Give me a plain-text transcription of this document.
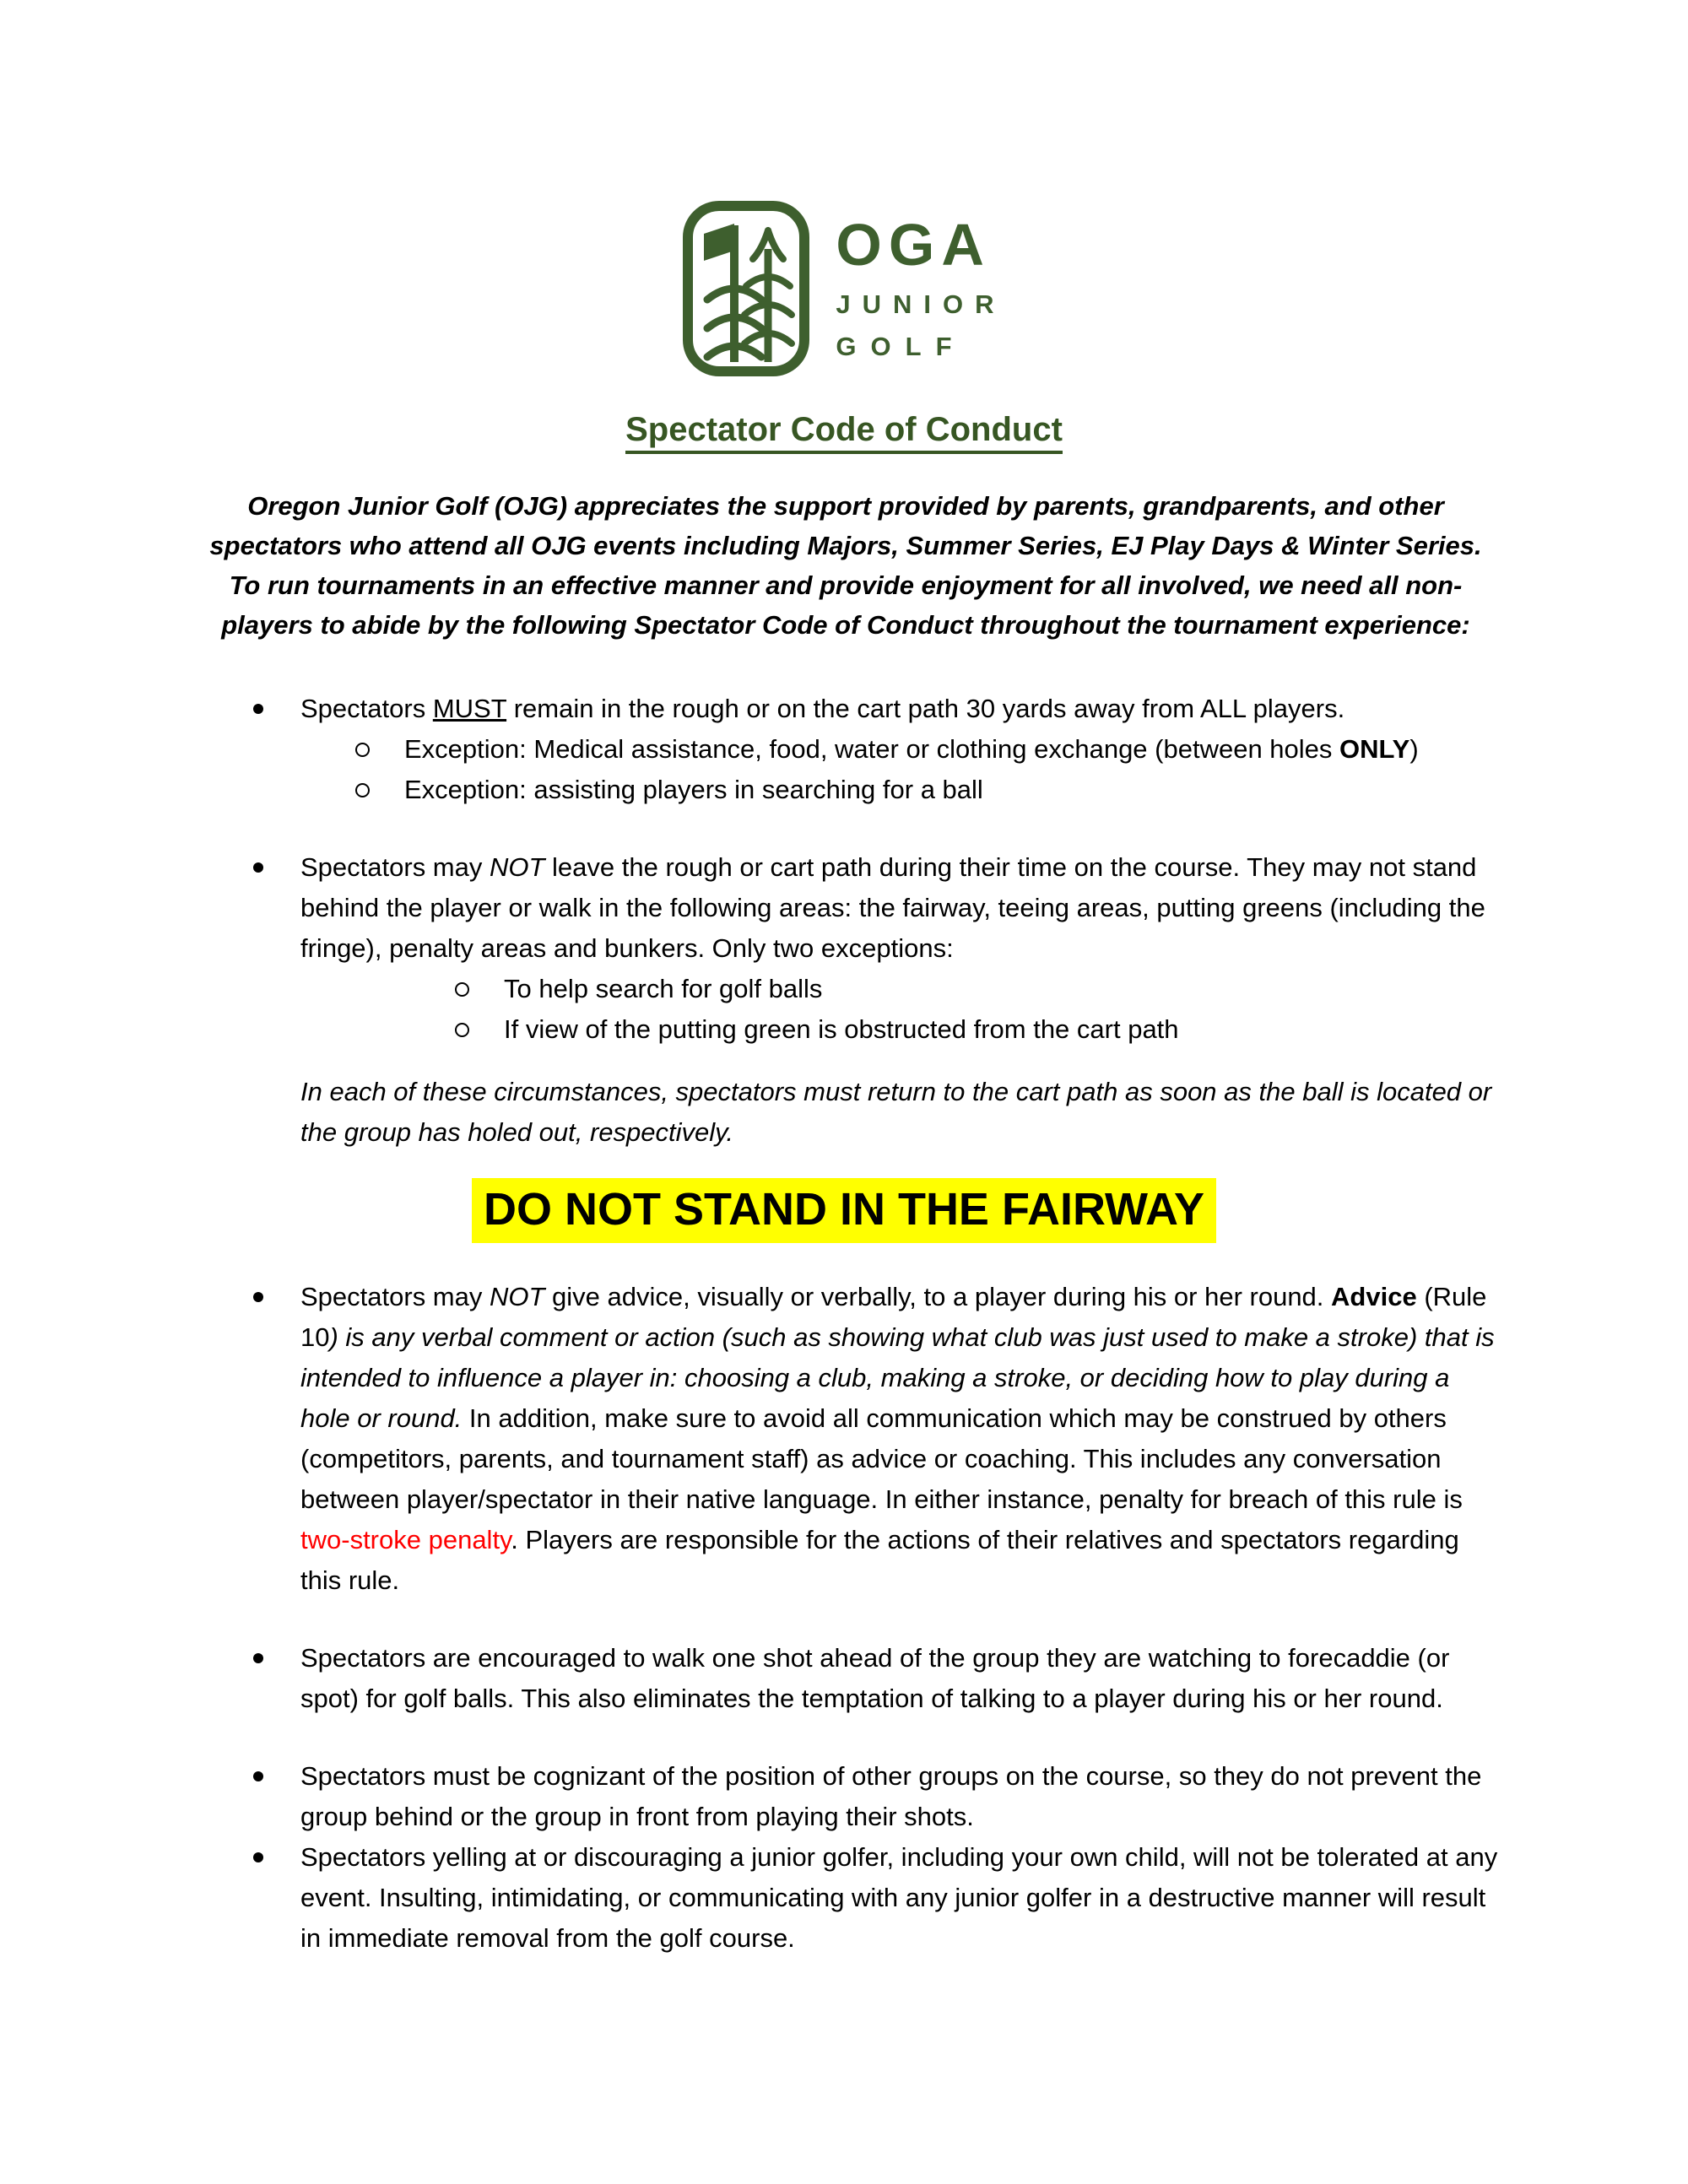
OGA
JUNIOR
GOLF
Spectator Code of Conduct

Oregon Junior Golf (OJG) appreciates the support provided by parents, grandparents, and other spectators who attend all OJG events including Majors, Summer Series, EJ Play Days & Winter Series. To run tournaments in an effective manner and provide enjoyment for all involved, we need all non-players to abide by the following Spectator Code of Conduct throughout the tournament experience:

Spectators MUST remain in the rough or on the cart path 30 yards away from ALL players.
Exception: Medical assistance, food, water or clothing exchange (between holes ONLY)
Exception: assisting players in searching for a ball
Spectators may NOT leave the rough or cart path during their time on the course. They may not stand behind the player or walk in the following areas: the fairway, teeing areas, putting greens (including the fringe), penalty areas and bunkers. Only two exceptions:
To help search for golf balls
If view of the putting green is obstructed from the cart path

In each of these circumstances, spectators must return to the cart path as soon as the ball is located or the group has holed out, respectively.

DO NOT STAND IN THE FAIRWAY
Spectators may NOT give advice, visually or verbally, to a player during his or her round. Advice (Rule 10) is any verbal comment or action (such as showing what club was just used to make a stroke) that is intended to influence a player in: choosing a club, making a stroke, or deciding how to play during a hole or round. In addition, make sure to avoid all communication which may be construed by others (competitors, parents, and tournament staff) as advice or coaching. This includes any conversation between player/spectator in their native language. In either instance, penalty for breach of this rule is two-stroke penalty. Players are responsible for the actions of their relatives and spectators regarding this rule.
Spectators are encouraged to walk one shot ahead of the group they are watching to forecaddie (or spot) for golf balls. This also eliminates the temptation of talking to a player during his or her round.
Spectators must be cognizant of the position of other groups on the course, so they do not prevent the group behind or the group in front from playing their shots.
Spectators yelling at or discouraging a junior golfer, including your own child, will not be tolerated at any event. Insulting, intimidating, or communicating with any junior golfer in a destructive manner will result in immediate removal from the golf course.
